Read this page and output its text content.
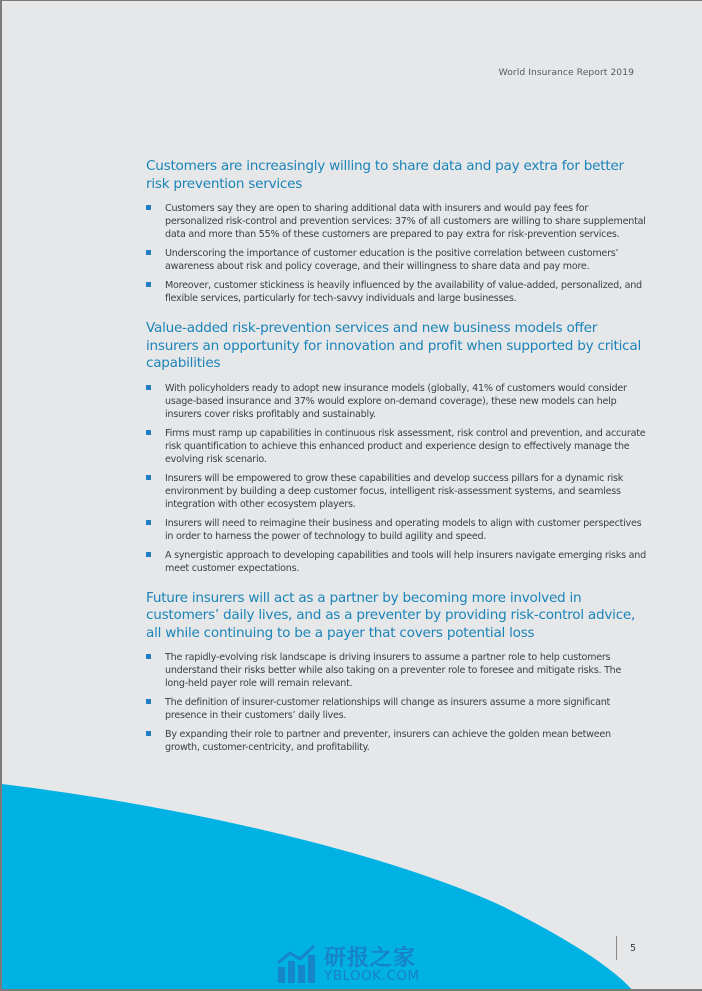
World Insurance Report 2019
Customers are increasingly willing to share data and pay extra for better risk prevention services
Customers say they are open to sharing additional data with insurers and would pay fees for personalized risk-control and prevention services: 37% of all customers are willing to share supplemental data and more than 55% of these customers are prepared to pay extra for risk-prevention services.
Underscoring the importance of customer education is the positive correlation between customers’ awareness about risk and policy coverage, and their willingness to share data and pay more.
Moreover, customer stickiness is heavily influenced by the availability of value-added, personalized, and flexible services, particularly for tech-savvy individuals and large businesses.
Value-added risk-prevention services and new business models offer insurers an opportunity for innovation and profit when supported by critical capabilities
With policyholders ready to adopt new insurance models (globally, 41% of customers would consider usage-based insurance and 37% would explore on-demand coverage), these new models can help insurers cover risks profitably and sustainably.
Firms must ramp up capabilities in continuous risk assessment, risk control and prevention, and accurate risk quantification to achieve this enhanced product and experience design to effectively manage the evolving risk scenario.
Insurers will be empowered to grow these capabilities and develop success pillars for a dynamic risk environment by building a deep customer focus, intelligent risk-assessment systems, and seamless integration with other ecosystem players.
Insurers will need to reimagine their business and operating models to align with customer perspectives in order to harness the power of technology to build agility and speed.
A synergistic approach to developing capabilities and tools will help insurers navigate emerging risks and meet customer expectations.
Future insurers will act as a partner by becoming more involved in customers’ daily lives, and as a preventer by providing risk-control advice, all while continuing to be a payer that covers potential loss
The rapidly-evolving risk landscape is driving insurers to assume a partner role to help customers understand their risks better while also taking on a preventer role to foresee and mitigate risks. The long-held payer role will remain relevant.
The definition of insurer-customer relationships will change as insurers assume a more significant presence in their customers’ daily lives.
By expanding their role to partner and preventer, insurers can achieve the golden mean between growth, customer-centricity, and profitability.
研报之家
YBLOOK.COM
5
